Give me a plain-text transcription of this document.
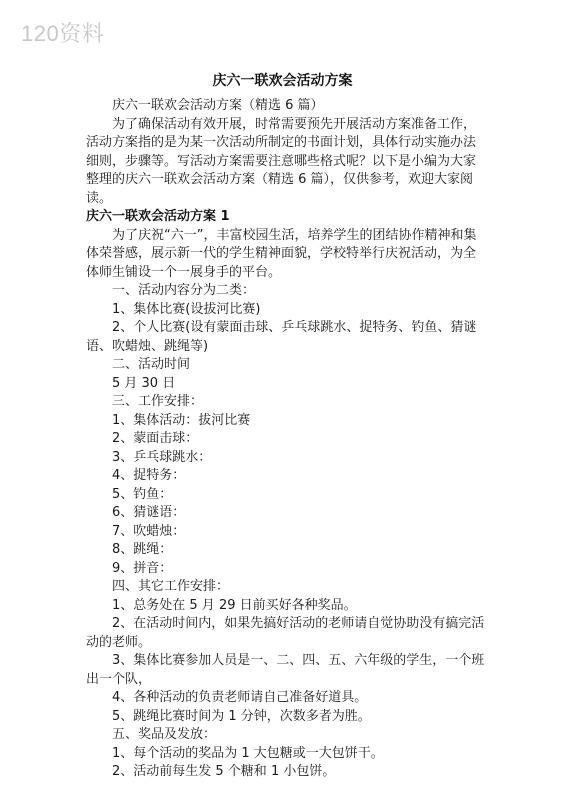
120资料
庆六一联欢会活动方案

庆六一联欢会活动方案（精选 6 篇）

为了确保活动有效开展，时常需要预先开展活动方案准备工作，活动方案指的是为某一次活动所制定的书面计划，具体行动实施办法细则，步骤等。写活动方案需要注意哪些格式呢？以下是小编为大家整理的庆六一联欢会活动方案（精选 6 篇），仅供参考，欢迎大家阅读。

庆六一联欢会活动方案 1

为了庆祝“六一”，丰富校园生活，培养学生的团结协作精神和集体荣誉感，展示新一代的学生精神面貌，学校特举行庆祝活动，为全体师生铺设一个一展身手的平台。

一、活动内容分为二类：

1、集体比赛(设拔河比赛)

2、个人比赛(设有蒙面击球、乒乓球跳水、捉特务、钓鱼、猜谜语、吹蜡烛、跳绳等)

二、活动时间

5 月 30 日

三、工作安排：

1、集体活动：拔河比赛

2、蒙面击球：

3、乒乓球跳水：

4、捉特务：

5、钓鱼：

6、猜谜语：

7、吹蜡烛：

8、跳绳：

9、拼音：

四、其它工作安排：

1、总务处在 5 月 29 日前买好各种奖品。

2、在活动时间内，如果先搞好活动的老师请自觉协助没有搞完活动的老师。

3、集体比赛参加人员是一、二、四、五、六年级的学生，一个班出一个队，

4、各种活动的负责老师请自己准备好道具。

5、跳绳比赛时间为 1 分钟，次数多者为胜。

五、奖品及发放：

1、每个活动的奖品为 1 大包糖或一大包饼干。

2、活动前每生发 5 个糖和 1 小包饼。
